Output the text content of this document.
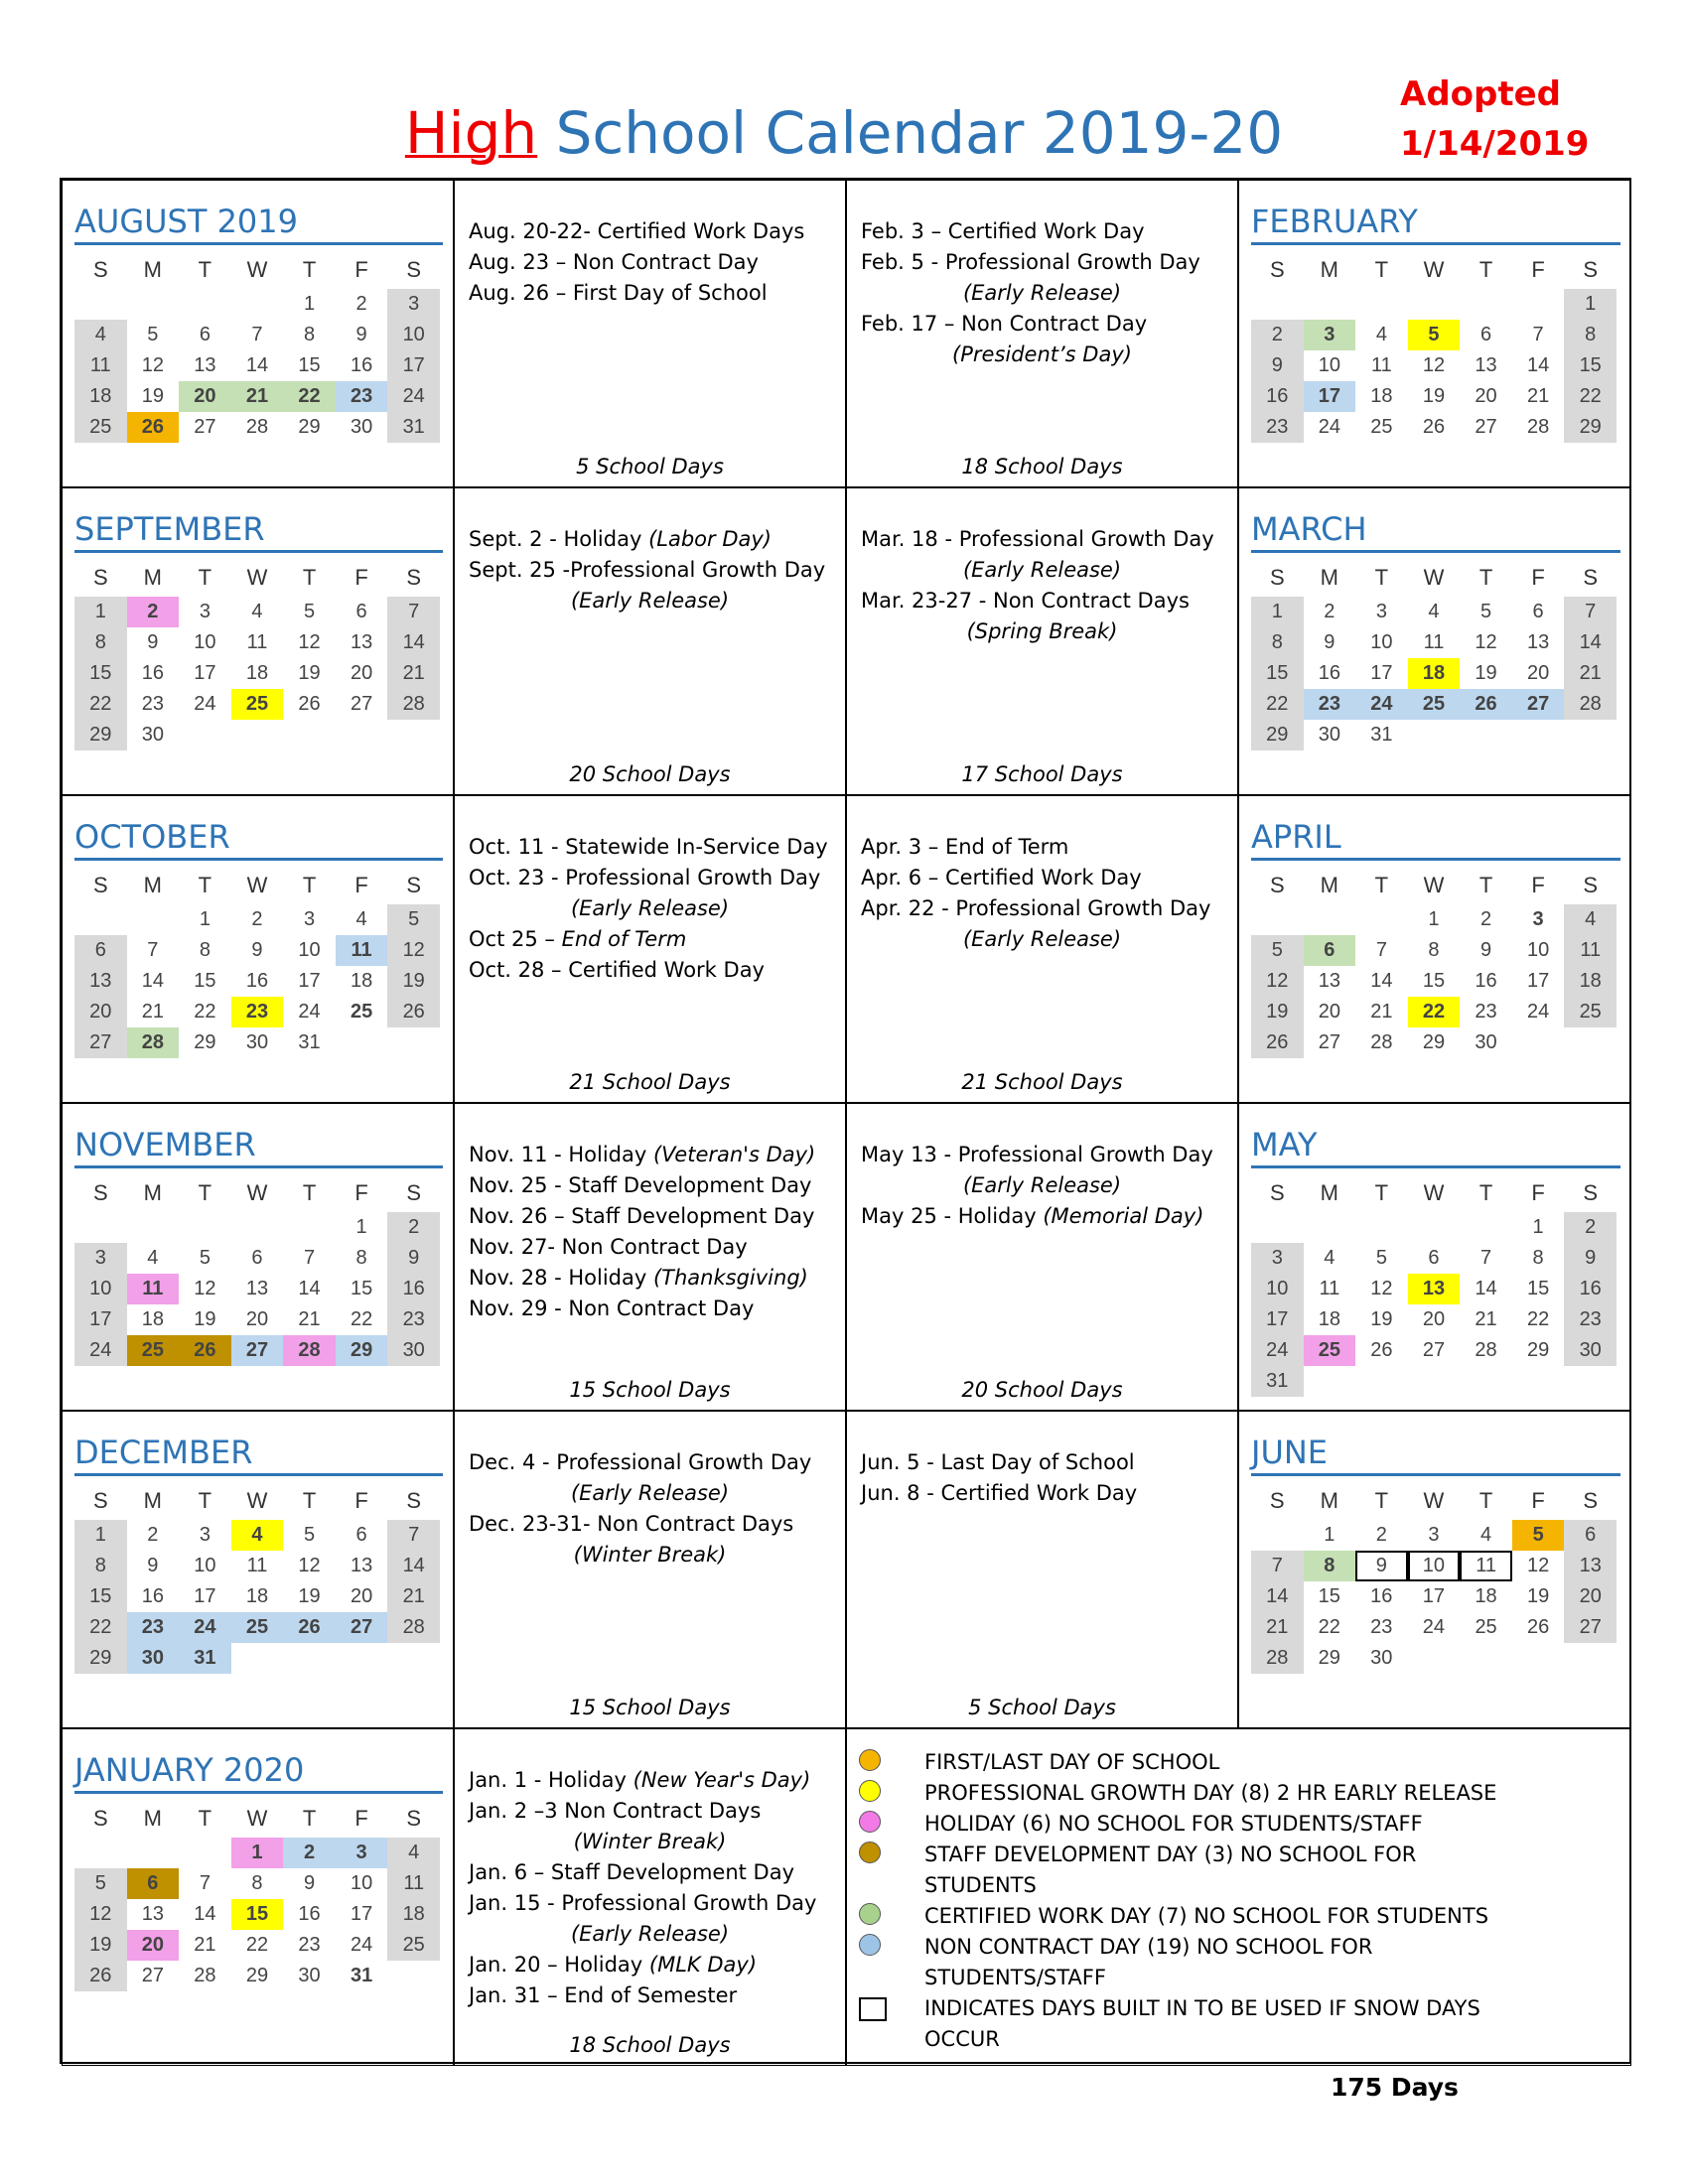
High School Calendar 2019-20
Adopted
1/14/2019
AUGUST 2019
S	M	T	W	T	F	S
				1	2	3
4	5	6	7	8	9	10
11	12	13	14	15	16	17
18	19	20	21	22	23	24
25	26	27	28	29	30	31
Aug. 20-22- Certified Work Days
Aug. 23 – Non Contract Day
Aug. 26 – First Day of School
5 School Days
Feb. 3 – Certified Work Day
Feb. 5 - Professional Growth Day
(Early Release)
Feb. 17 – Non Contract Day
(President’s Day)
18 School Days
FEBRUARY
S	M	T	W	T	F	S
						1
2	3	4	5	6	7	8
9	10	11	12	13	14	15
16	17	18	19	20	21	22
23	24	25	26	27	28	29
SEPTEMBER
S	M	T	W	T	F	S
1	2	3	4	5	6	7
8	9	10	11	12	13	14
15	16	17	18	19	20	21
22	23	24	25	26	27	28
29	30					
Sept. 2 - Holiday (Labor Day)
Sept. 25 -Professional Growth Day
(Early Release)
20 School Days
Mar. 18 - Professional Growth Day
(Early Release)
Mar. 23-27 - Non Contract Days
(Spring Break)
17 School Days
MARCH
S	M	T	W	T	F	S
1	2	3	4	5	6	7
8	9	10	11	12	13	14
15	16	17	18	19	20	21
22	23	24	25	26	27	28
29	30	31				
OCTOBER
S	M	T	W	T	F	S
		1	2	3	4	5
6	7	8	9	10	11	12
13	14	15	16	17	18	19
20	21	22	23	24	25	26
27	28	29	30	31		
Oct. 11 - Statewide In-Service Day
Oct. 23 - Professional Growth Day
(Early Release)
Oct 25 – End of Term
Oct. 28 – Certified Work Day
21 School Days
Apr. 3 – End of Term
Apr. 6 – Certified Work Day
Apr. 22 - Professional Growth Day
(Early Release)
21 School Days
APRIL
S	M	T	W	T	F	S
			1	2	3	4
5	6	7	8	9	10	11
12	13	14	15	16	17	18
19	20	21	22	23	24	25
26	27	28	29	30		
NOVEMBER
S	M	T	W	T	F	S
					1	2
3	4	5	6	7	8	9
10	11	12	13	14	15	16
17	18	19	20	21	22	23
24	25	26	27	28	29	30
Nov. 11 - Holiday (Veteran's Day)
Nov. 25 - Staff Development Day
Nov. 26 – Staff Development Day
Nov. 27- Non Contract Day
Nov. 28 - Holiday (Thanksgiving)
Nov. 29 - Non Contract Day
15 School Days
May 13 - Professional Growth Day
(Early Release)
May 25 - Holiday (Memorial Day)
20 School Days
MAY
S	M	T	W	T	F	S
					1	2
3	4	5	6	7	8	9
10	11	12	13	14	15	16
17	18	19	20	21	22	23
24	25	26	27	28	29	30
31						
DECEMBER
S	M	T	W	T	F	S
1	2	3	4	5	6	7
8	9	10	11	12	13	14
15	16	17	18	19	20	21
22	23	24	25	26	27	28
29	30	31				
Dec. 4 - Professional Growth Day
(Early Release)
Dec. 23-31- Non Contract Days
(Winter Break)
15 School Days
Jun. 5 - Last Day of School
Jun. 8 - Certified Work Day
5 School Days
JUNE
S	M	T	W	T	F	S
	1	2	3	4	5	6
7	8	9	10	11	12	13
14	15	16	17	18	19	20
21	22	23	24	25	26	27
28	29	30				
JANUARY 2020
S	M	T	W	T	F	S
			1	2	3	4
5	6	7	8	9	10	11
12	13	14	15	16	17	18
19	20	21	22	23	24	25
26	27	28	29	30	31	
Jan. 1 - Holiday (New Year's Day)
Jan. 2 –3 Non Contract Days
(Winter Break)
Jan. 6 – Staff Development Day
Jan. 15 - Professional Growth Day
(Early Release)
Jan. 20 – Holiday (MLK Day)
Jan. 31 – End of Semester
18 School Days
FIRST/LAST DAY OF SCHOOL
PROFESSIONAL GROWTH DAY (8) 2 HR EARLY RELEASE
HOLIDAY (6) NO SCHOOL FOR STUDENTS/STAFF
STAFF DEVELOPMENT DAY (3) NO SCHOOL FOR
STUDENTS
CERTIFIED WORK DAY (7) NO SCHOOL FOR STUDENTS
NON CONTRACT DAY (19) NO SCHOOL FOR
STUDENTS/STAFF
INDICATES DAYS BUILT IN TO BE USED IF SNOW DAYS
OCCUR
175 Days
